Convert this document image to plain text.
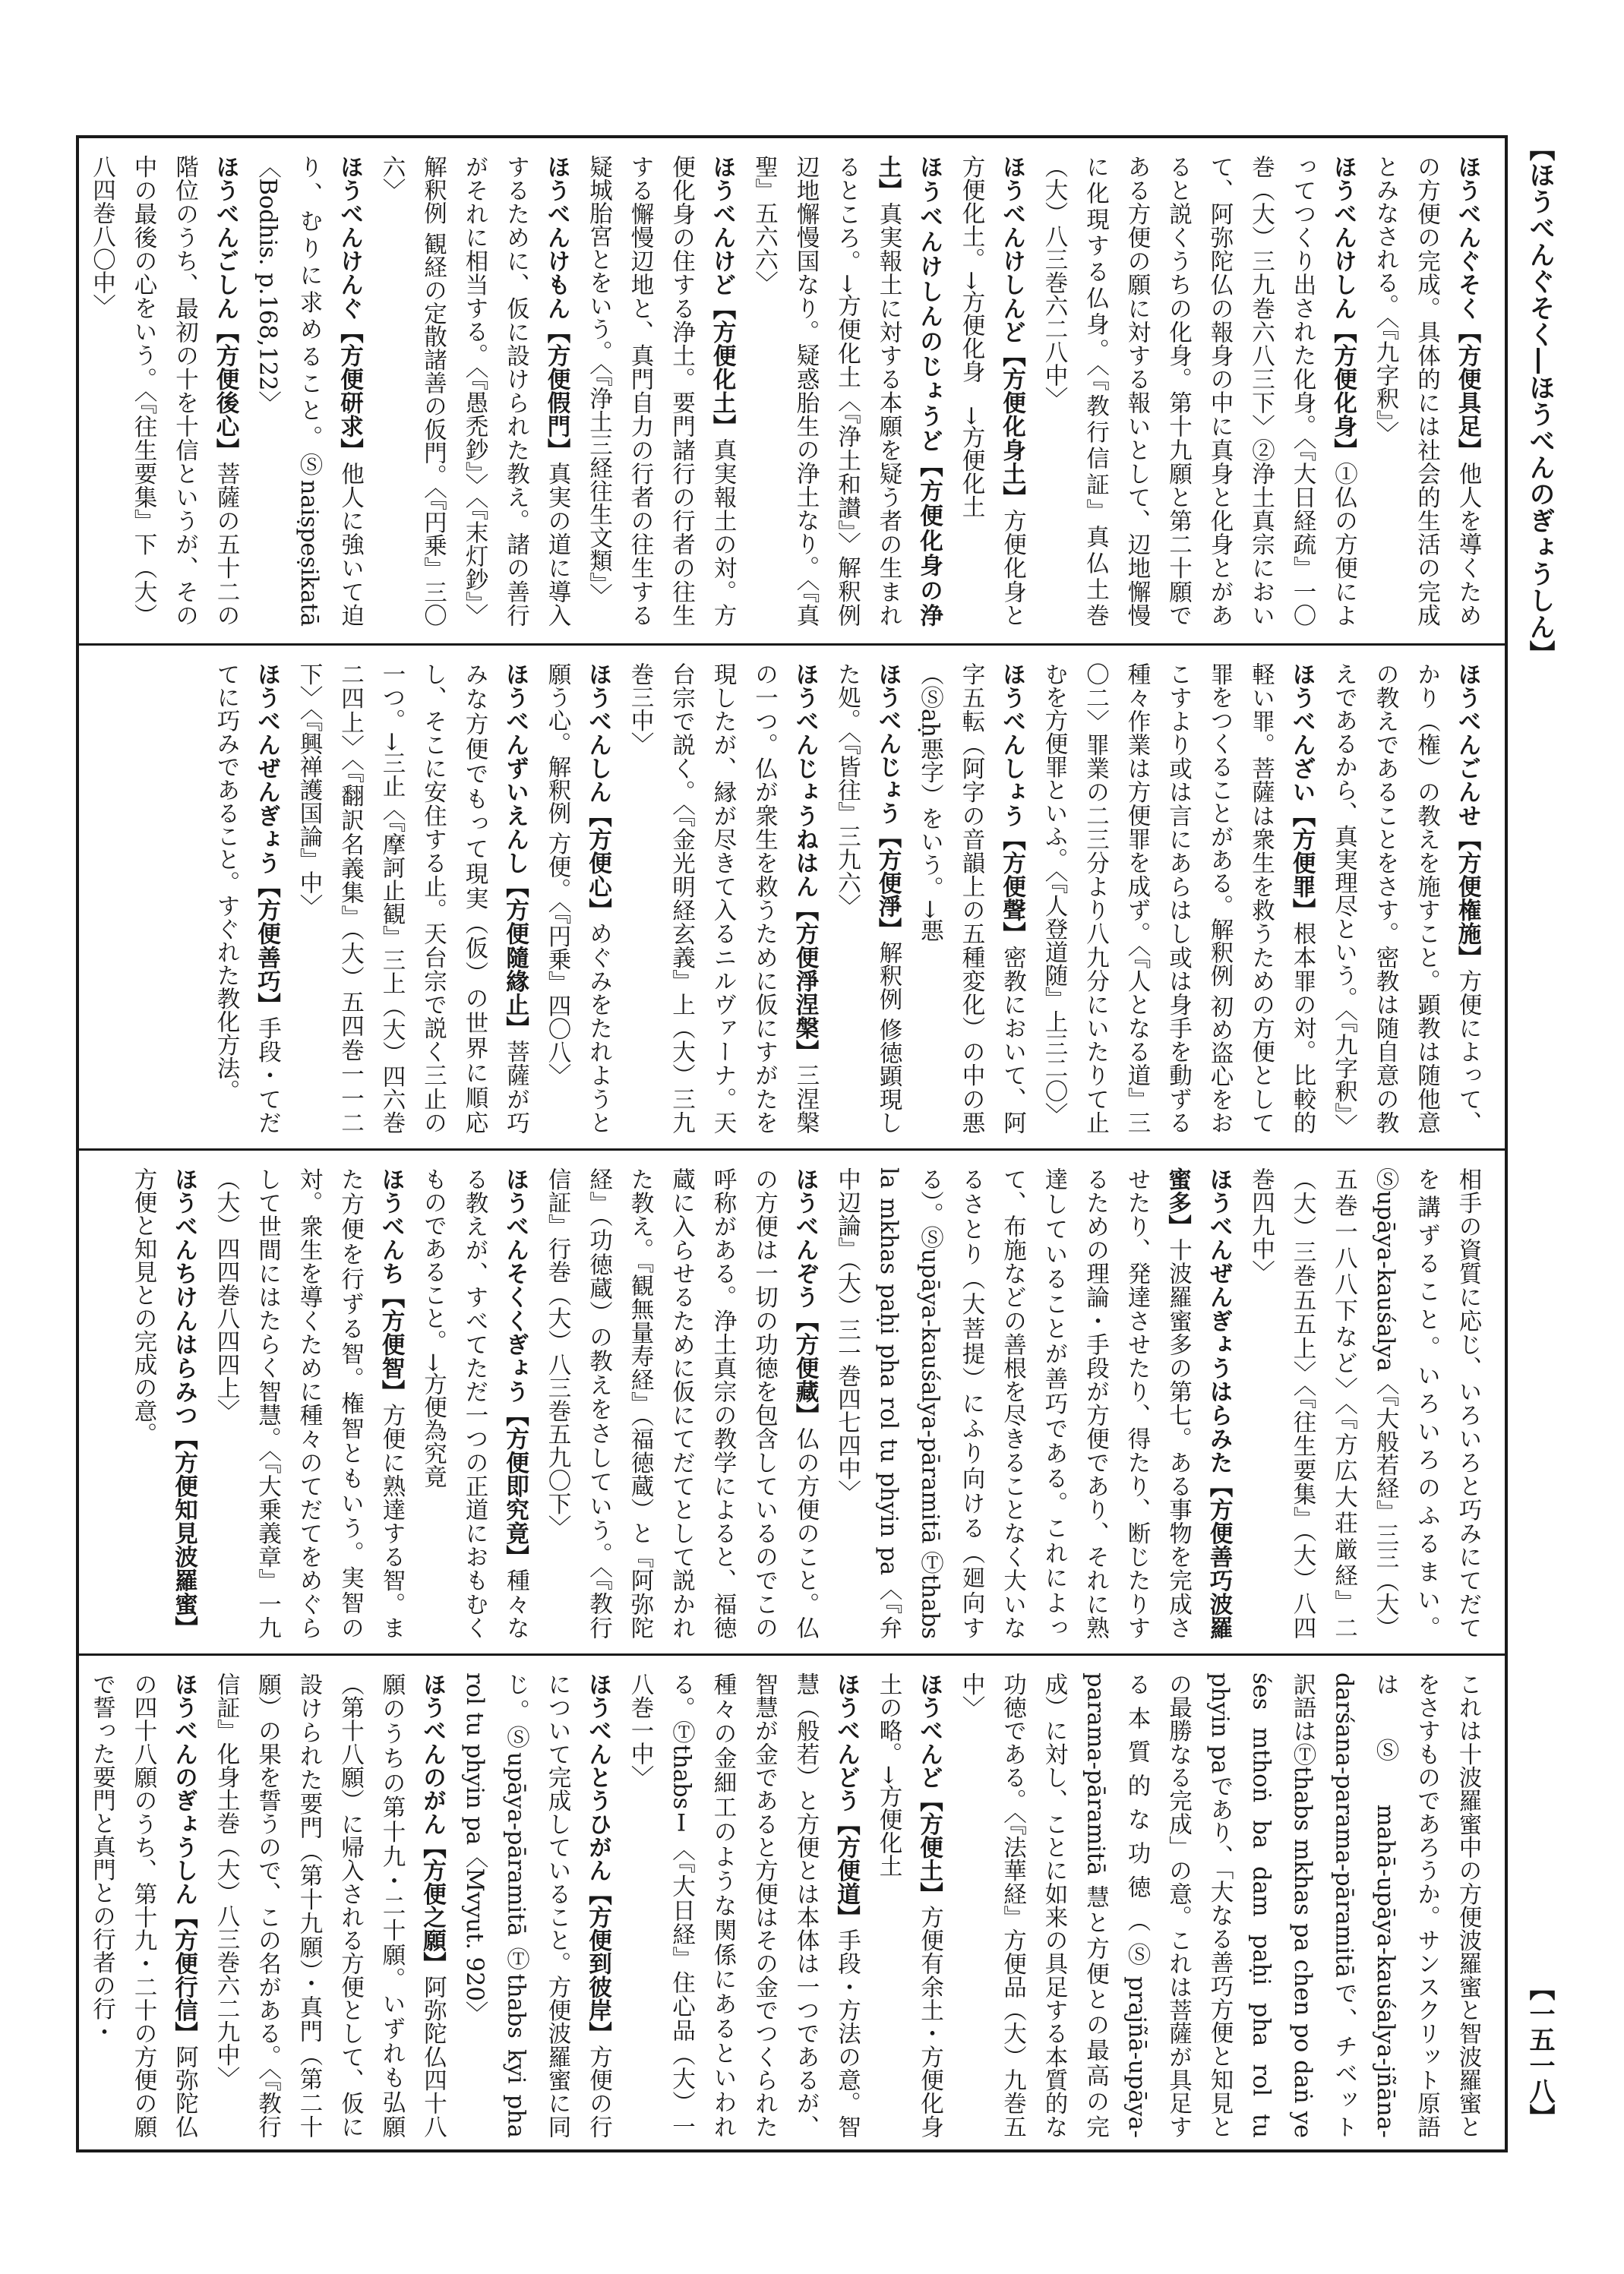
【ほうべんぐそく―ほうべんのぎょうしん】
【一五一八】
ほうべんぐそく【方便具足】他人を導くための方便の完成。具体的には社会的生活の完成とみなされる。〈『九字釈』〉
ほうべんけしん【方便化身】①仏の方便によってつくり出された化身。〈『大日経疏』一〇巻（大）三九巻六八三下〉②浄土真宗において、阿弥陀仏の報身の中に真身と化身とがあると説くうちの化身。第十九願と第二十願である方便の願に対する報いとして、辺地懈慢に化現する仏身。〈『教行信証』真仏土巻（大）八三巻六二八中〉
ほうべんけしんど【方便化身土】方便化身と方便化土。→方便化身　→方便化土
ほうべんけしんのじょうど【方便化身の浄土】真実報土に対する本願を疑う者の生まれるところ。→方便化土〈『浄土和讃』〉解釈例 辺地懈慢国なり。疑惑胎生の浄土なり。〈『真聖』五六六〉
ほうべんけど【方便化土】真実報土の対。方便化身の住する浄土。要門諸行の行者の往生する懈慢辺地と、真門自力の行者の往生する疑城胎宮とをいう。〈『浄土三経往生文類』〉
ほうべんけもん【方便假門】真実の道に導入するために、仮に設けられた教え。諸の善行がそれに相当する。〈『愚禿鈔』〉〈『末灯鈔』〉解釈例 観経の定散諸善の仮門。〈『円乗』三〇六〉
ほうべんけんぐ【方便研求】他人に強いて迫り、むりに求めること。Ⓢnaiṣpeṣikatā〈Bodhis. p.168,122〉
ほうべんごしん【方便後心】菩薩の五十二の階位のうち、最初の十を十信というが、その中の最後の心をいう。〈『往生要集』下（大）八四巻八〇中〉
ほうべんごんせ【方便権施】方便によって、かり（権）の教えを施すこと。顕教は随他意の教えであることをさす。密教は随自意の教えであるから、真実理尽という。〈『九字釈』〉
ほうべんざい【方便罪】根本罪の対。比較的軽い罪。菩薩は衆生を救うための方便として罪をつくることがある。解釈例 初め盗心をおこすより或は言にあらはし或は身手を動ずる種々作業は方便罪を成ず。〈『人となる道』三〇二〉罪業の二三分より八九分にいたりて止むを方便罪といふ。〈『人登道随』上三二〇〉
ほうべんしょう【方便聲】密教において、阿字五転（阿字の音韻上の五種変化）の中の悪（Ⓢaḥ悪字）をいう。→悪
ほうべんじょう【方便淨】解釈例 修徳顕現した処。〈『皆往』三九六〉
ほうべんじょうねはん【方便淨涅槃】三涅槃の一つ。仏が衆生を救うために仮にすがたを現したが、縁が尽きて入るニルヴァーナ。天台宗で説く。〈『金光明経玄義』上（大）三九巻三中〉
ほうべんしん【方便心】めぐみをたれようと願う心。解釈例 方便。〈『円乗』四〇八〉
ほうべんずいえんし【方便隨緣止】菩薩が巧みな方便でもって現実（仮）の世界に順応し、そこに安住する止。天台宗で説く三止の一つ。→三止〈『摩訶止観』三上（大）四六巻二四上〉〈『翻訳名義集』（大）五四巻一一二下〉〈『興禅護国論』中〉
ほうべんぜんぎょう【方便善巧】手段・てだてに巧みであること。すぐれた教化方法。
相手の資質に応じ、いろいろと巧みにてだてを講ずること。いろいろのふるまい。Ⓢupāya-kauśalya〈『大般若経』三三（大）五巻一八八下など〉〈『方広大荘厳経』二（大）三巻五五上〉〈『往生要集』（大）八四巻四九中〉
ほうべんぜんぎょうはらみた【方便善巧波羅蜜多】十波羅蜜多の第七。ある事物を完成させたり、発達させたり、得たり、断じたりするための理論・手段が方便であり、それに熟達していることが善巧である。これによって、布施などの善根を尽きることなく大いなるさとり（大菩提）にふり向ける（廻向する）。Ⓢupāya-kauśalya-pāramitā Ⓣthabs la mkhas paḥi pha rol tu phyin pa〈『弁中辺論』（大）三一巻四七四中〉
ほうべんぞう【方便藏】仏の方便のこと。仏の方便は一切の功徳を包含しているのでこの呼称がある。浄土真宗の教学によると、福徳蔵に入らせるために仮にてだてとして説かれた教え。『観無量寿経』（福徳蔵）と『阿弥陀経』（功徳蔵）の教えをさしていう。〈『教行信証』行巻（大）八三巻五九〇下〉
ほうべんそくくぎょう【方便即究竟】種々なる教えが、すべてただ一つの正道におもむくものであること。→方便為究竟
ほうべんち【方便智】方便に熟達する智。また方便を行ずる智。権智ともいう。実智の対。衆生を導くために種々のてだてをめぐらして世間にはたらく智慧。〈『大乗義章』一九（大）四四巻八四四上〉
ほうべんちけんはらみつ【方便知見波羅蜜】方便と知見との完成の意。
これは十波羅蜜中の方便波羅蜜と智波羅蜜とをさすものであろうか。サンスクリット原語はⓈmahā-upāya-kauśalya-jñāna-darśana-parama-pāramitāで、チベット訳語はⓉthabs mkhas pa chen po daṅ ye śes mthoṅ ba dam paḥi pha rol tu phyin paであり、「大なる善巧方便と知見との最勝なる完成」の意。これは菩薩が具足する本質的な功徳（Ⓢprajñā-upāya-parama-pāramitā 慧と方便との最高の完成）に対し、ことに如来の具足する本質的な功徳である。〈『法華経』方便品（大）九巻五中〉
ほうべんど【方便土】方便有余土・方便化身土の略。→方便化土
ほうべんどう【方便道】手段・方法の意。智慧（般若）と方便とは本体は一つであるが、智慧が金であると方便はその金でつくられた種々の金細工のような関係にあるといわれる。ⓉthabsⅠ〈『大日経』住心品（大）一八巻一中〉
ほうべんとうひがん【方便到彼岸】方便の行について完成していること。方便波羅蜜に同じ。Ⓢupāya-pāramitā Ⓣthabs kyi pha rol tu phyin pa〈Mvyut. 920〉
ほうべんのがん【方便之願】阿弥陀仏四十八願のうちの第十九・二十願。いずれも弘願（第十八願）に帰入される方便として、仮に設けられた要門（第十九願）・真門（第二十願）の果を誓うので、この名がある。〈『教行信証』化身土巻（大）八三巻六二九中〉
ほうべんのぎょうしん【方便行信】阿弥陀仏の四十八願のうち、第十九・二十の方便の願で誓った要門と真門との行者の行・
